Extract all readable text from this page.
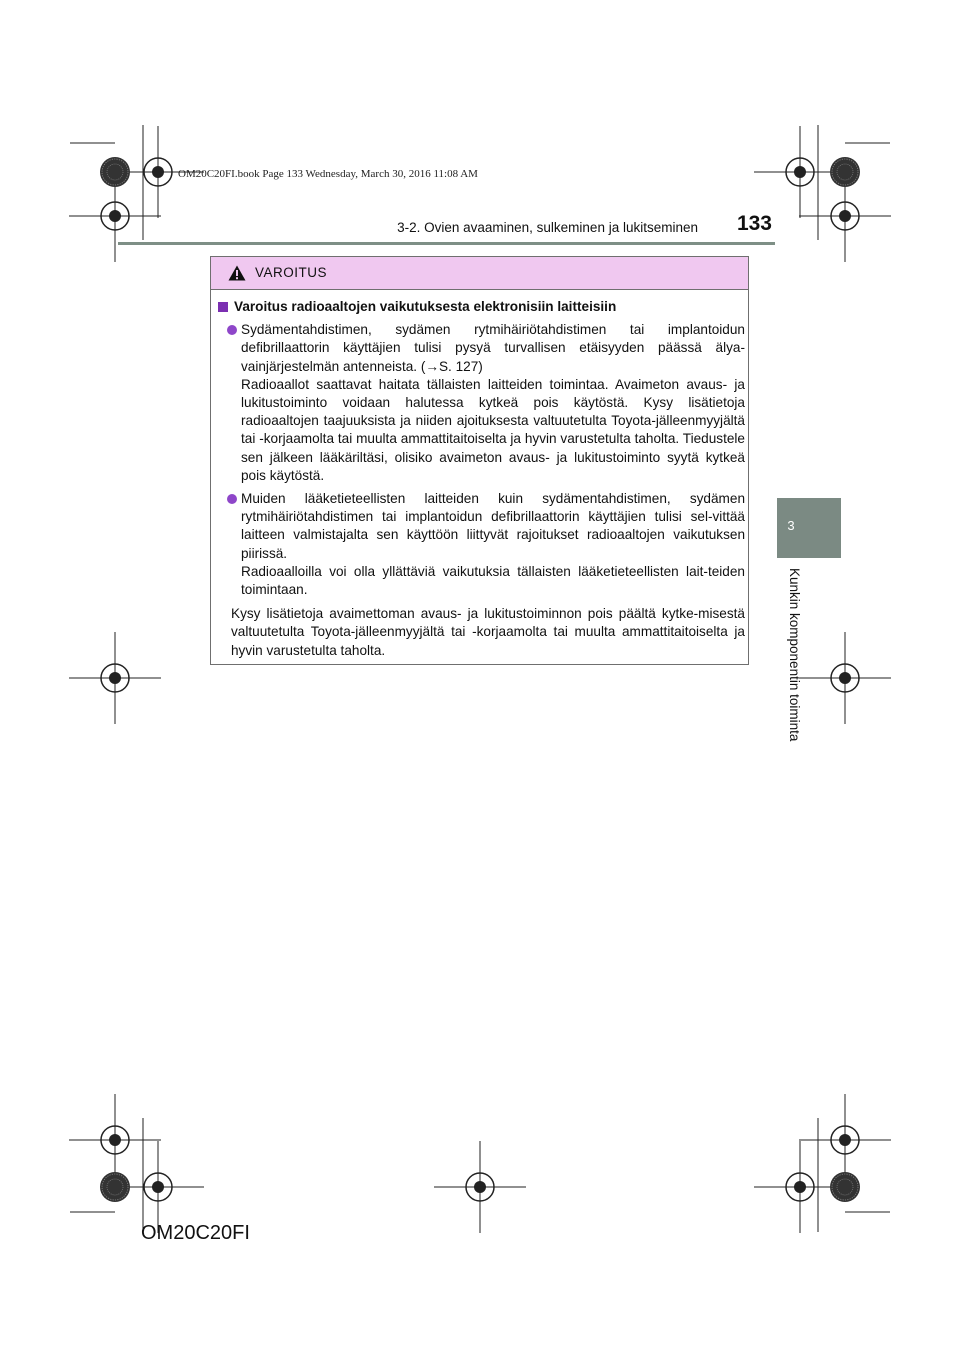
OM20C20FI.book Page 133 Wednesday, March 30, 2016 11:08 AM
3-2. Ovien avaaminen, sulkeminen ja lukitseminen	133
3
Kunkin komponentin toiminta
VAROITUS
Varoitus radioaaltojen vaikutuksesta elektronisiin laitteisiin
Sydämentahdistimen, sydämen rytmihäiriötahdistimen tai implantoidun defibrillaattorin käyttäjien tulisi pysyä turvallisen etäisyyden päässä älya-vainjärjestelmän antenneista. (→S. 127)
Radioaallot saattavat haitata tällaisten laitteiden toimintaa. Avaimeton avaus- ja lukitustoiminto voidaan halutessa kytkeä pois käytöstä. Kysy lisätietoja radioaaltojen taajuuksista ja niiden ajoituksesta valtuutetulta Toyota-jälleenmyyjältä tai -korjaamolta tai muulta ammattitaitoiselta ja hyvin varustetulta taholta. Tiedustele sen jälkeen lääkäriltäsi, olisiko avaimeton avaus- ja lukitustoiminto syytä kytkeä pois käytöstä.
Muiden lääketieteellisten laitteiden kuin sydämentahdistimen, sydämen rytmihäiriötahdistimen tai implantoidun defibrillaattorin käyttäjien tulisi sel-vittää laitteen valmistajalta sen käyttöön liittyvät rajoitukset radioaaltojen vaikutuksen piirissä.
Radioaalloilla voi olla yllättäviä vaikutuksia tällaisten lääketieteellisten lait-teiden toimintaan.
Kysy lisätietoja avaimettoman avaus- ja lukitustoiminnon pois päältä kytke-misestä valtuutetulta Toyota-jälleenmyyjältä tai -korjaamolta tai muulta ammattitaitoiselta ja hyvin varustetulta taholta.
OM20C20FI
